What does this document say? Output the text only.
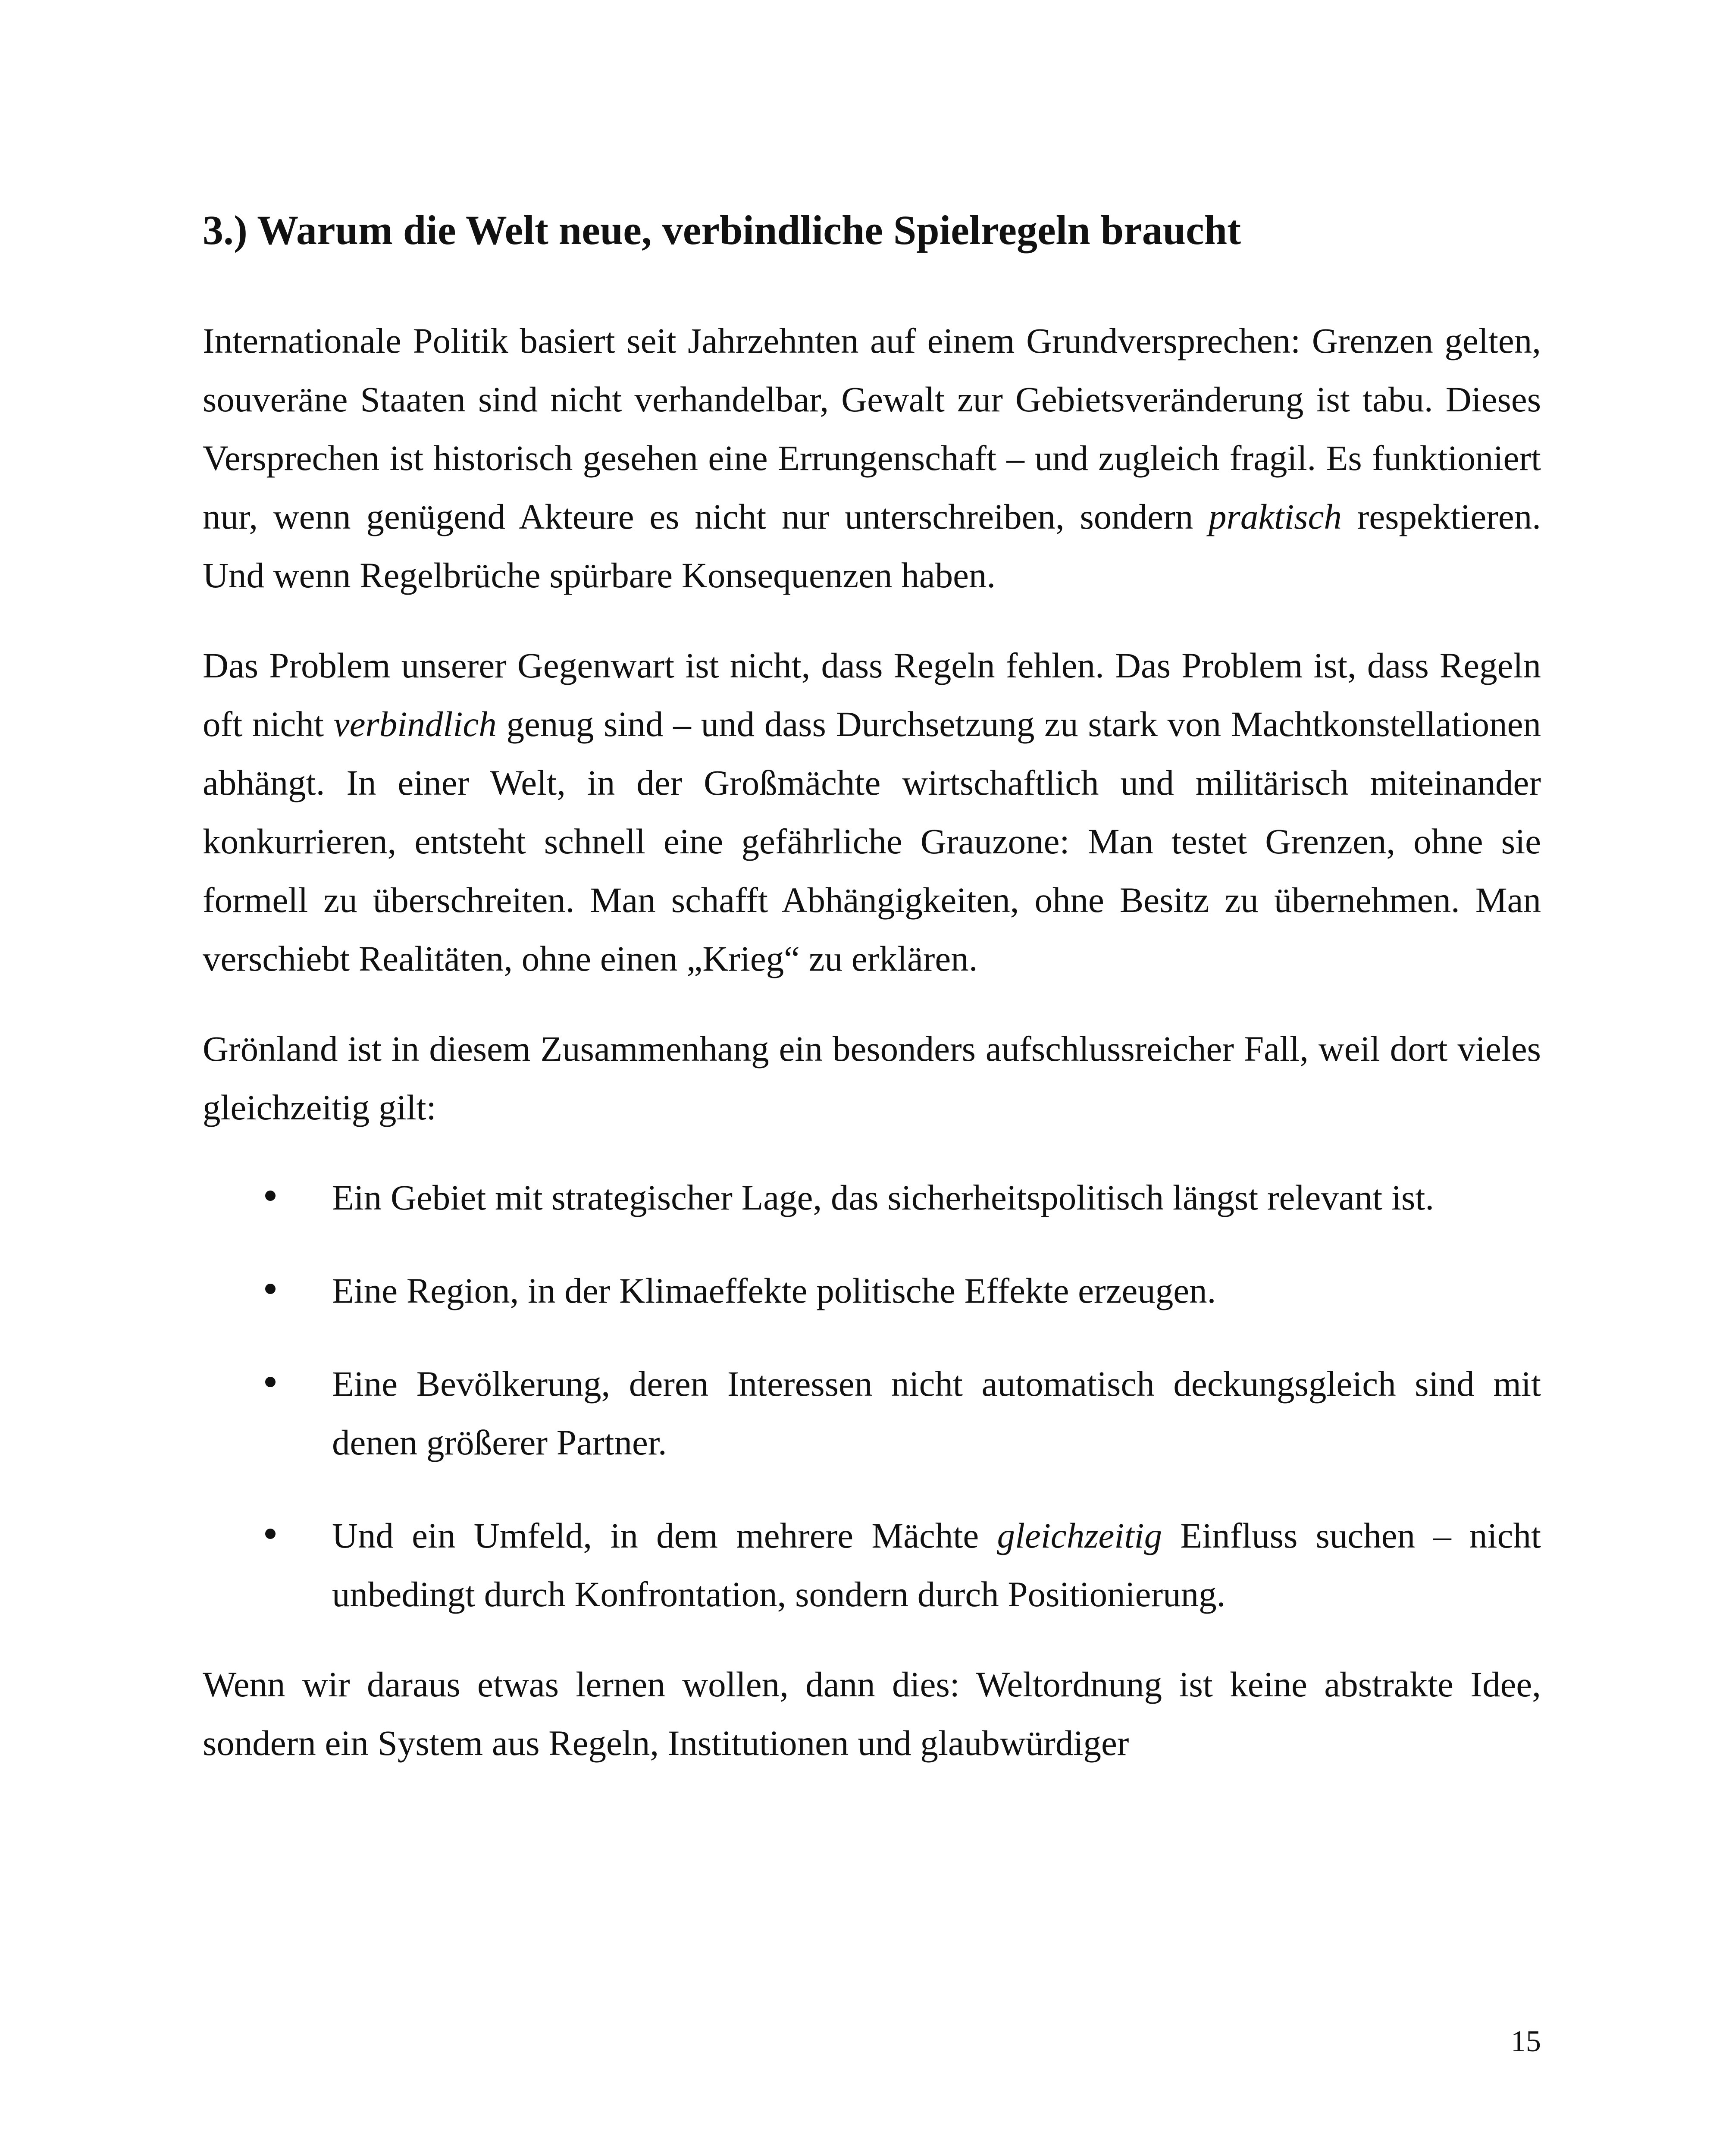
3.) Warum die Welt neue, verbindliche Spielregeln braucht

Internationale Politik basiert seit Jahrzehnten auf einem Grundversprechen: Grenzen gelten, souveräne Staaten sind nicht verhandelbar, Gewalt zur Gebietsveränderung ist tabu. Dieses Versprechen ist historisch gesehen eine Errungenschaft – und zugleich fragil. Es funktioniert nur, wenn genügend Akteure es nicht nur unterschreiben, sondern praktisch respektieren. Und wenn Regelbrüche spürbare Konsequenzen haben.

Das Problem unserer Gegenwart ist nicht, dass Regeln fehlen. Das Problem ist, dass Regeln oft nicht verbindlich genug sind – und dass Durchsetzung zu stark von Machtkonstellationen abhängt. In einer Welt, in der Großmächte wirtschaftlich und militärisch miteinander konkurrieren, entsteht schnell eine gefährliche Grauzone: Man testet Grenzen, ohne sie formell zu überschreiten. Man schafft Abhängigkeiten, ohne Besitz zu übernehmen. Man verschiebt Realitäten, ohne einen „Krieg“ zu erklären.

Grönland ist in diesem Zusammenhang ein besonders aufschlussreicher Fall, weil dort vieles gleichzeitig gilt:

Ein Gebiet mit strategischer Lage, das sicherheitspolitisch längst relevant ist.
Eine Region, in der Klimaeffekte politische Effekte erzeugen.
Eine Bevölkerung, deren Interessen nicht automatisch deckungsgleich sind mit denen größerer Partner.
Und ein Umfeld, in dem mehrere Mächte gleichzeitig Einfluss suchen – nicht unbedingt durch Konfrontation, sondern durch Positionierung.

Wenn wir daraus etwas lernen wollen, dann dies: Weltordnung ist keine abstrakte Idee, sondern ein System aus Regeln, Institutionen und glaubwürdiger

15
